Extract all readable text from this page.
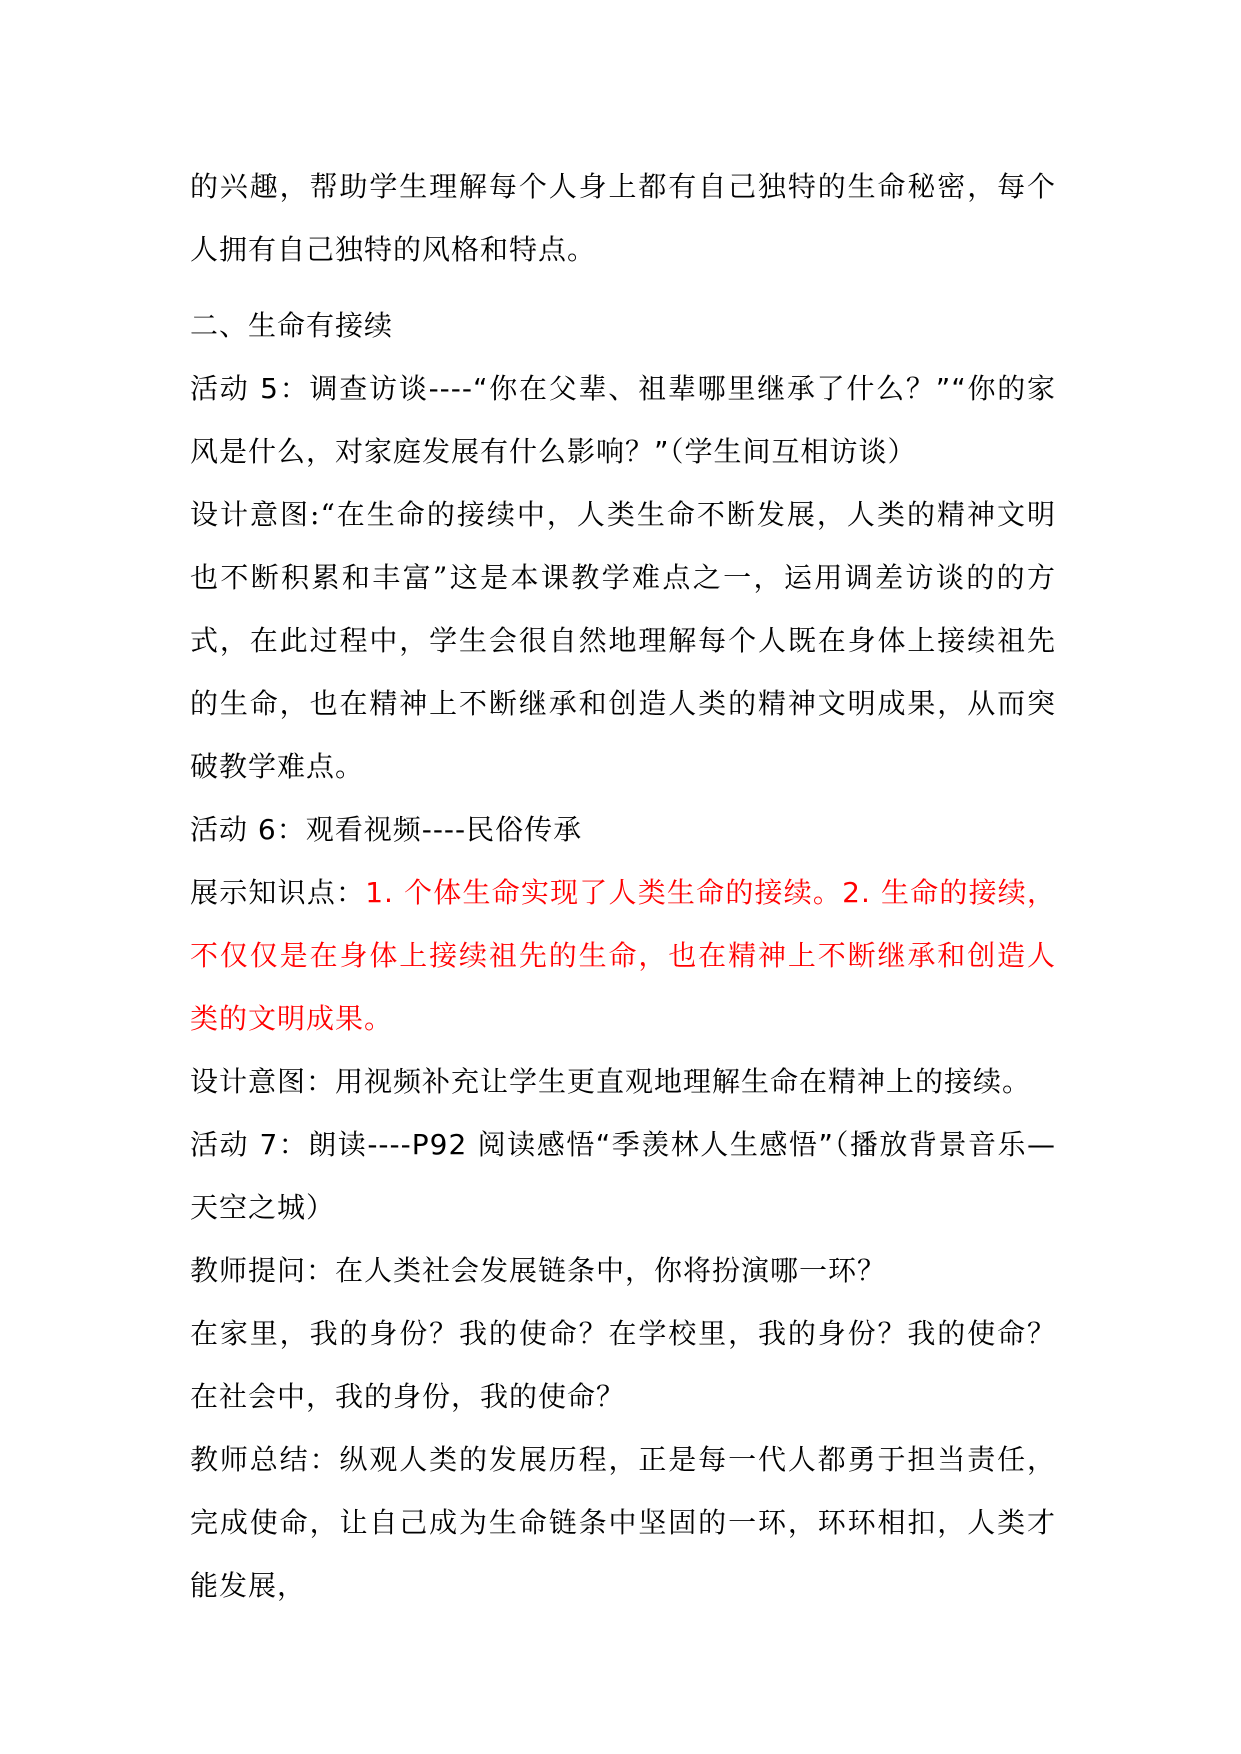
的兴趣，帮助学生理解每个人身上都有自己独特的生命秘密，每个人拥有自己独特的风格和特点。

二、生命有接续

活动 5：调查访谈----“你在父辈、祖辈哪里继承了什么？”“你的家风是什么，对家庭发展有什么影响？”（学生间互相访谈）

设计意图:“在生命的接续中，人类生命不断发展，人类的精神文明也不断积累和丰富”这是本课教学难点之一，运用调差访谈的的方式，在此过程中，学生会很自然地理解每个人既在身体上接续祖先的生命，也在精神上不断继承和创造人类的精神文明成果，从而突破教学难点。

活动 6：观看视频----民俗传承

展示知识点：1. 个体生命实现了人类生命的接续。2. 生命的接续，不仅仅是在身体上接续祖先的生命，也在精神上不断继承和创造人类的文明成果。

设计意图：用视频补充让学生更直观地理解生命在精神上的接续。

活动 7：朗读----P92 阅读感悟“季羡林人生感悟”（播放背景音乐—天空之城）

教师提问：在人类社会发展链条中，你将扮演哪一环？

在家里，我的身份？我的使命？在学校里，我的身份？我的使命？在社会中，我的身份，我的使命？

教师总结：纵观人类的发展历程，正是每一代人都勇于担当责任，完成使命，让自己成为生命链条中坚固的一环，环环相扣，人类才能发展，
